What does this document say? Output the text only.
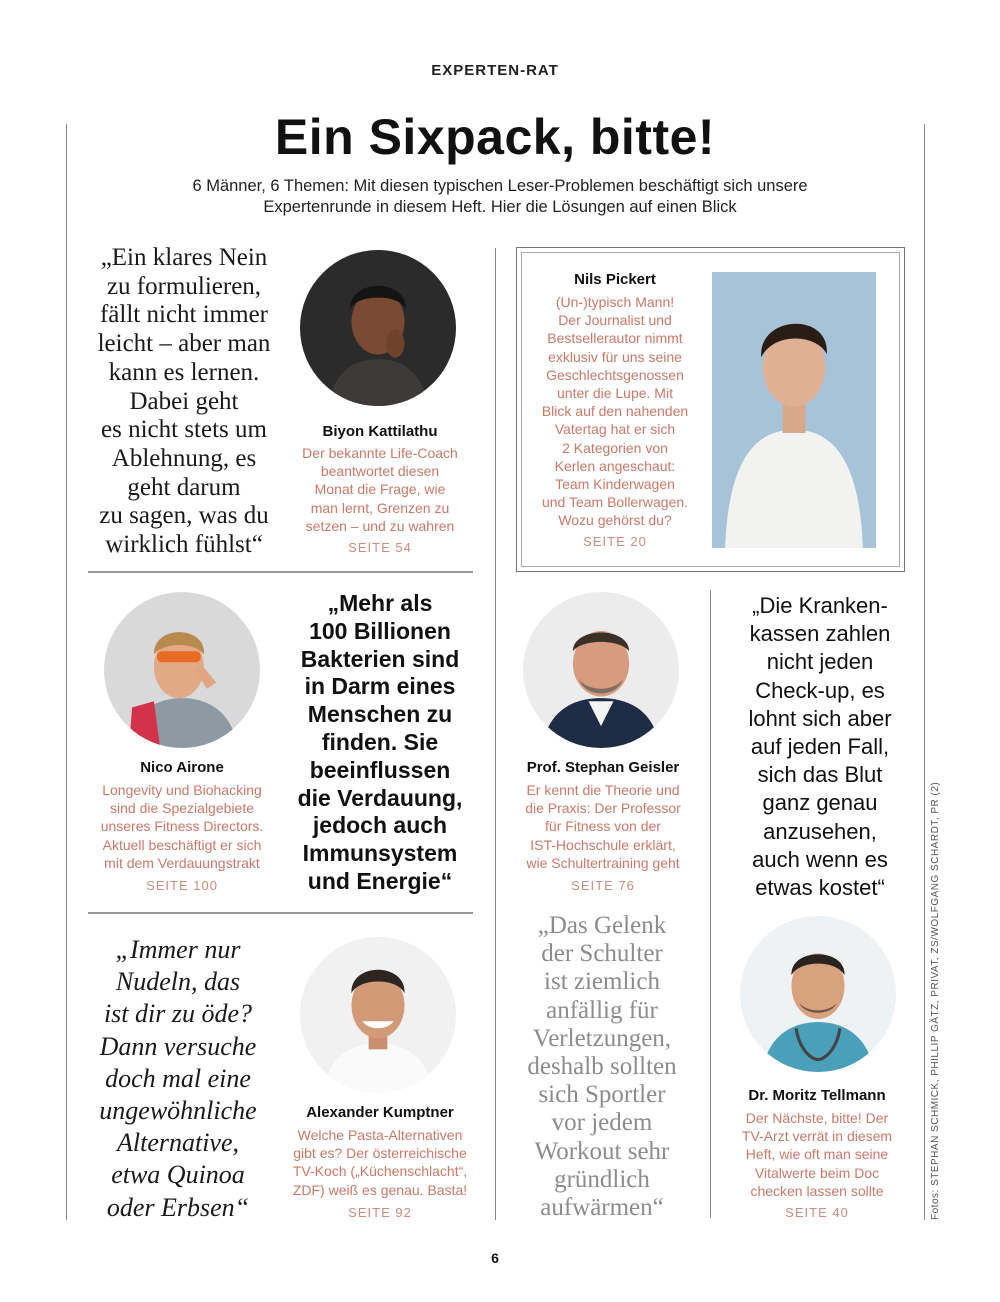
EXPERTEN-RAT
Ein Sixpack, bitte!
6 Männer, 6 Themen: Mit diesen typischen Leser-Problemen beschäftigt sich unsere Expertenrunde in diesem Heft. Hier die Lösungen auf einen Blick
„Ein klares Nein
zu formulieren,
fällt nicht immer
leicht – aber man
kann es lernen.
Dabei geht
es nicht stets um
Ablehnung, es
geht darum
zu sagen, was du
wirklich fühlst“
Biyon Kattilathu
Der bekannte Life-Coach
beantwortet diesen
Monat die Frage, wie
man lernt, Grenzen zu
setzen – und zu wahren
SEITE 54
Nils Pickert
(Un-)typisch Mann!
Der Journalist und
Bestsellerautor nimmt
exklusiv für uns seine
Geschlechtsgenossen
unter die Lupe. Mit
Blick auf den nahenden
Vatertag hat er sich
2 Kategorien von
Kerlen angeschaut:
Team Kinderwagen
und Team Bollerwagen.
Wozu gehörst du?
SEITE 20
Nico Airone
Longevity und Biohacking
sind die Spezialgebiete
unseres Fitness Directors.
Aktuell beschäftigt er sich
mit dem Verdauungstrakt
SEITE 100
„Mehr als
100 Billionen
Bakterien sind
in Darm eines
Menschen zu
finden. Sie
beeinflussen
die Verdauung,
jedoch auch
Immunsystem
und Energie“
Prof. Stephan Geisler
Er kennt die Theorie und
die Praxis: Der Professor
für Fitness von der
IST-Hochschule erklärt,
wie Schultertraining geht
SEITE 76
„Die Kranken-
kassen zahlen
nicht jeden
Check-up, es
lohnt sich aber
auf jeden Fall,
sich das Blut
ganz genau
anzusehen,
auch wenn es
etwas kostet“
„Immer nur
Nudeln, das
ist dir zu öde?
Dann versuche
doch mal eine
ungewöhnliche
Alternative,
etwa Quinoa
oder Erbsen“
Alexander Kumptner
Welche Pasta-Alternativen
gibt es? Der österreichische
TV-Koch („Küchenschlacht“,
ZDF) weiß es genau. Basta!
SEITE 92
„Das Gelenk
der Schulter
ist ziemlich
anfällig für
Verletzungen,
deshalb sollten
sich Sportler
vor jedem
Workout sehr
gründlich
aufwärmen“
Dr. Moritz Tellmann
Der Nächste, bitte! Der
TV-Arzt verrät in diesem
Heft, wie oft man seine
Vitalwerte beim Doc
checken lassen sollte
SEITE 40	Fotos: STEPHAN SCHMICK, PHILLIP GÄTZ, PRIVAT, ZS/WOLFGANG SCHARDT, PR (2)
6
